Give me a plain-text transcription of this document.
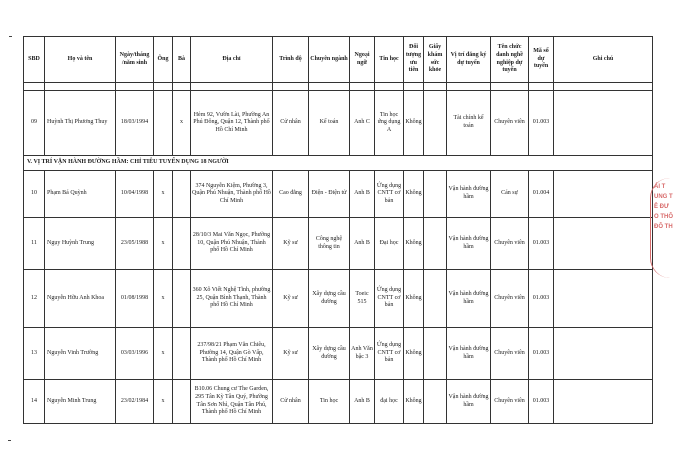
SBD	Họ và tên	Ngày/tháng /năm sinh	Ông	Bà	Địa chỉ	Trình độ	Chuyên ngành	Ngoại ngữ	Tin học	Đối tượng ưu tiên	Giấy khám sức khỏe	Vị trí đăng ký dự tuyển	Tên chức danh nghề nghiệp dự tuyển	Mã số dự tuyển	Ghi chú

09	Huỳnh Thị Phương Thuy	18/03/1994		x	Hẻm 92, Vườn Lài, Phường An Phú Đông, Quận 12, Thành phố Hồ Chí Minh	Cử nhân	Kế toán	Anh C	Tin học ứng dụng A	Không		Tài chính kế toán	Chuyên viên	01.003	
V. VỊ TRÍ VẬN HÀNH ĐƯỜNG HẦM: CHỈ TIÊU TUYỂN DỤNG 18 NGƯỜI															
10	Phạm Bá Quỳnh	10/04/1998	x		374 Nguyễn Kiệm, Phường 3, Quận Phú Nhuận, Thành phố Hồ Chí Minh	Cao đẳng	Điện - Điện tử	Anh B	Ứng dụng CNTT cơ bản	Không		Vận hành đường hầm	Cán sự	01.004	
11	Ngụy Huỳnh Trung	23/05/1988	x		28/10/3 Mai Văn Ngọc, Phường 10, Quận Phú Nhuận, Thành phố Hồ Chí Minh	Kỹ sư	Công nghệ thông tin	Anh B	Đại học	Không		Vận hành đường hầm	Chuyên viên	01.003	
12	Nguyễn Hữu Anh Khoa	01/08/1998	x		360 Xô Viết Nghệ Tĩnh, phường 25, Quận Bình Thạnh, Thành phố Hồ Chí Minh	Kỹ sư	Xây dựng cầu đường	Toeic 515	Ứng dụng CNTT cơ bản	Không		Vận hành đường hầm	Chuyên viên	01.003	
13	Nguyễn Vinh Trường	03/03/1996	x		237/98/21 Phạm Văn Chiêu, Phường 14, Quận Gò Vấp, Thành phố Hồ Chí Minh	Kỹ sư	Xây dựng cầu đường	Anh Văn bậc 3	Ứng dụng CNTT cơ bản	Không		Vận hành đường hầm	Chuyên viên	01.003	
14	Nguyễn Minh Trung	23/02/1984	x		B10.06 Chung cư The Garden, 295 Tân Kỳ Tân Quý, Phường Tân Sơn Nhì, Quận Tân Phú, Thành phố Hồ Chí Minh	Cử nhân	Tin học	Anh B	đại học	Không		Vận hành đường hầm	Chuyên viên	01.003	
ÁI T
UNG T
Ê ĐƯ
O THÔ
ĐÔ TH
